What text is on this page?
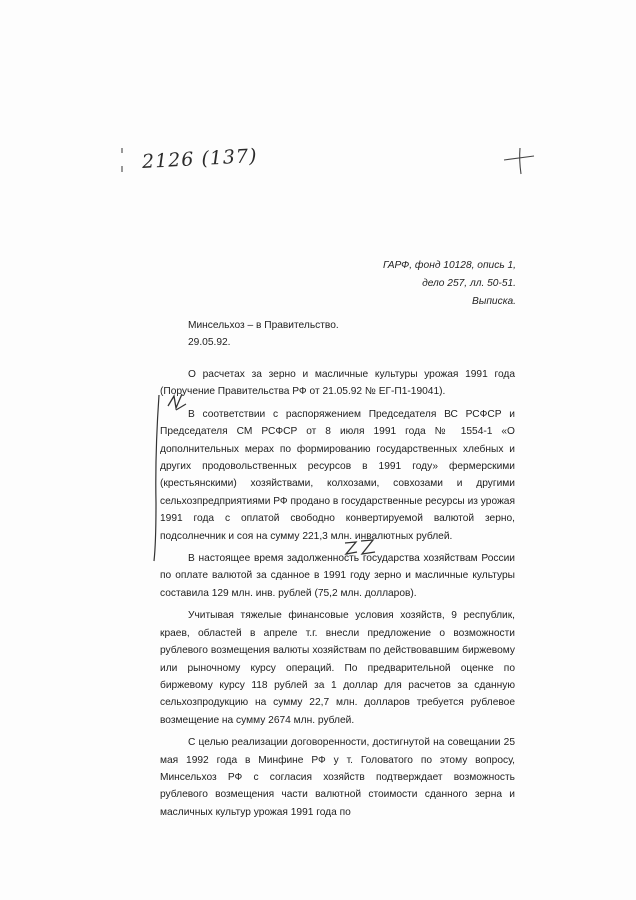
2126 (137)
ГАРФ, фонд 10128, опись 1,
дело 257, лл. 50-51.
Выписка.
Минсельхоз – в Правительство.
29.05.92.

О расчетах за зерно и масличные культуры урожая 1991 года (Поручение Правительства РФ от 21.05.92 № ЕГ-П1-19041).

В соответствии с распоряжением Председателя ВС РСФСР и Председателя СМ РСФСР от 8 июля 1991 года № 1554-1 «О дополнительных мерах по формированию государственных хлебных и других продовольственных ресурсов в 1991 году» фермерскими (крестьянскими) хозяйствами, колхозами, совхозами и другими сельхозпредприятиями РФ продано в государственные ресурсы из урожая 1991 года с оплатой свободно конвертируемой валютой зерно, подсолнечник и соя на сумму 221,3 млн. инвалютных рублей.

В настоящее время задолженность государства хозяйствам России по оплате валютой за сданное в 1991 году зерно и масличные культуры составила 129 млн. инв. рублей (75,2 млн. долларов).

Учитывая тяжелые финансовые условия хозяйств, 9 республик, краев, областей в апреле т.г. внесли предложение о возможности рублевого возмещения валюты хозяйствам по действовавшим биржевому или рыночному курсу операций. По предварительной оценке по биржевому курсу 118 рублей за 1 доллар для расчетов за сданную сельхозпродукцию на сумму 22,7 млн. долларов требуется рублевое возмещение на сумму 2674 млн. рублей.

С целью реализации договоренности, достигнутой на совещании 25 мая 1992 года в Минфине РФ у т. Головатого по этому вопросу, Минсельхоз РФ с согласия хозяйств подтверждает возможность рублевого возмещения части валютной стоимости сданного зерна и масличных культур урожая 1991 года по
